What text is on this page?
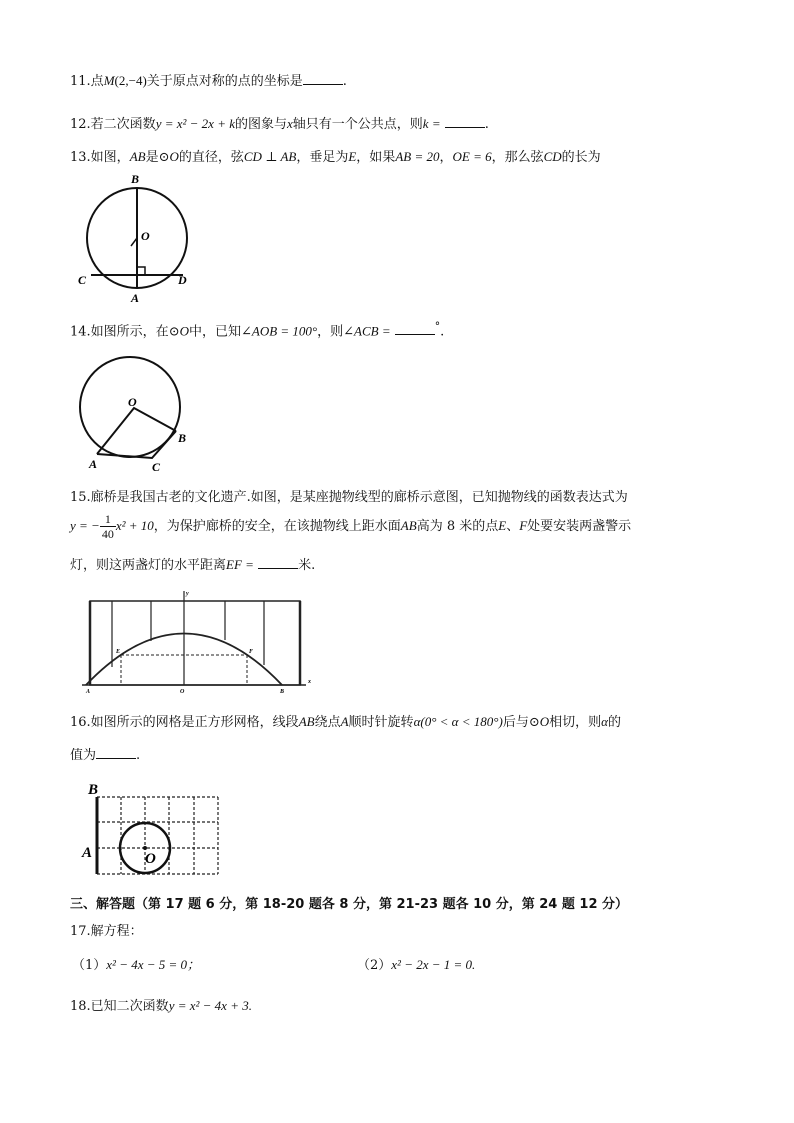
11.点M(2,−4)关于原点对称的点的坐标是	.
12.若二次函数y = x² − 2x + k的图象与x轴只有一个公共点，则k =	.
13.如图，AB是⊙O的直径，弦CD ⊥ AB，垂足为E，如果AB = 20，OE = 6，那么弦CD的长为
B
O
C	D
A
14.如图所示，在⊙O中，已知∠AOB = 100°，则∠ACB =	°.
O
B
A	C
15.廊桥是我国古老的文化遗产.如图，是某座抛物线型的廊桥示意图，已知抛物线的函数表达式为
y = − $\frac{1}{40} x^2 + 10$，为保护廊桥的安全，在该抛物线上距水面AB高为 8 米的点E、F处要安装两盏警示
灯，则这两盏灯的水平距离EF =	米.
y
x
E	F
A	O	B
16.如图所示的网格是正方形网格，线段AB绕点A顺时针旋转α(0° < α < 180°)后与⊙O相切，则α的
值为	.
B
A	O
三、解答题（第 17 题 6 分，第 18-20 题各 8 分，第 21-23 题各 10 分，第 24 题 12 分）
17.解方程：
（1）x² − 4x − 5 = 0；	（2）x² − 2x − 1 = 0.
18.已知二次函数y = x² − 4x + 3.
